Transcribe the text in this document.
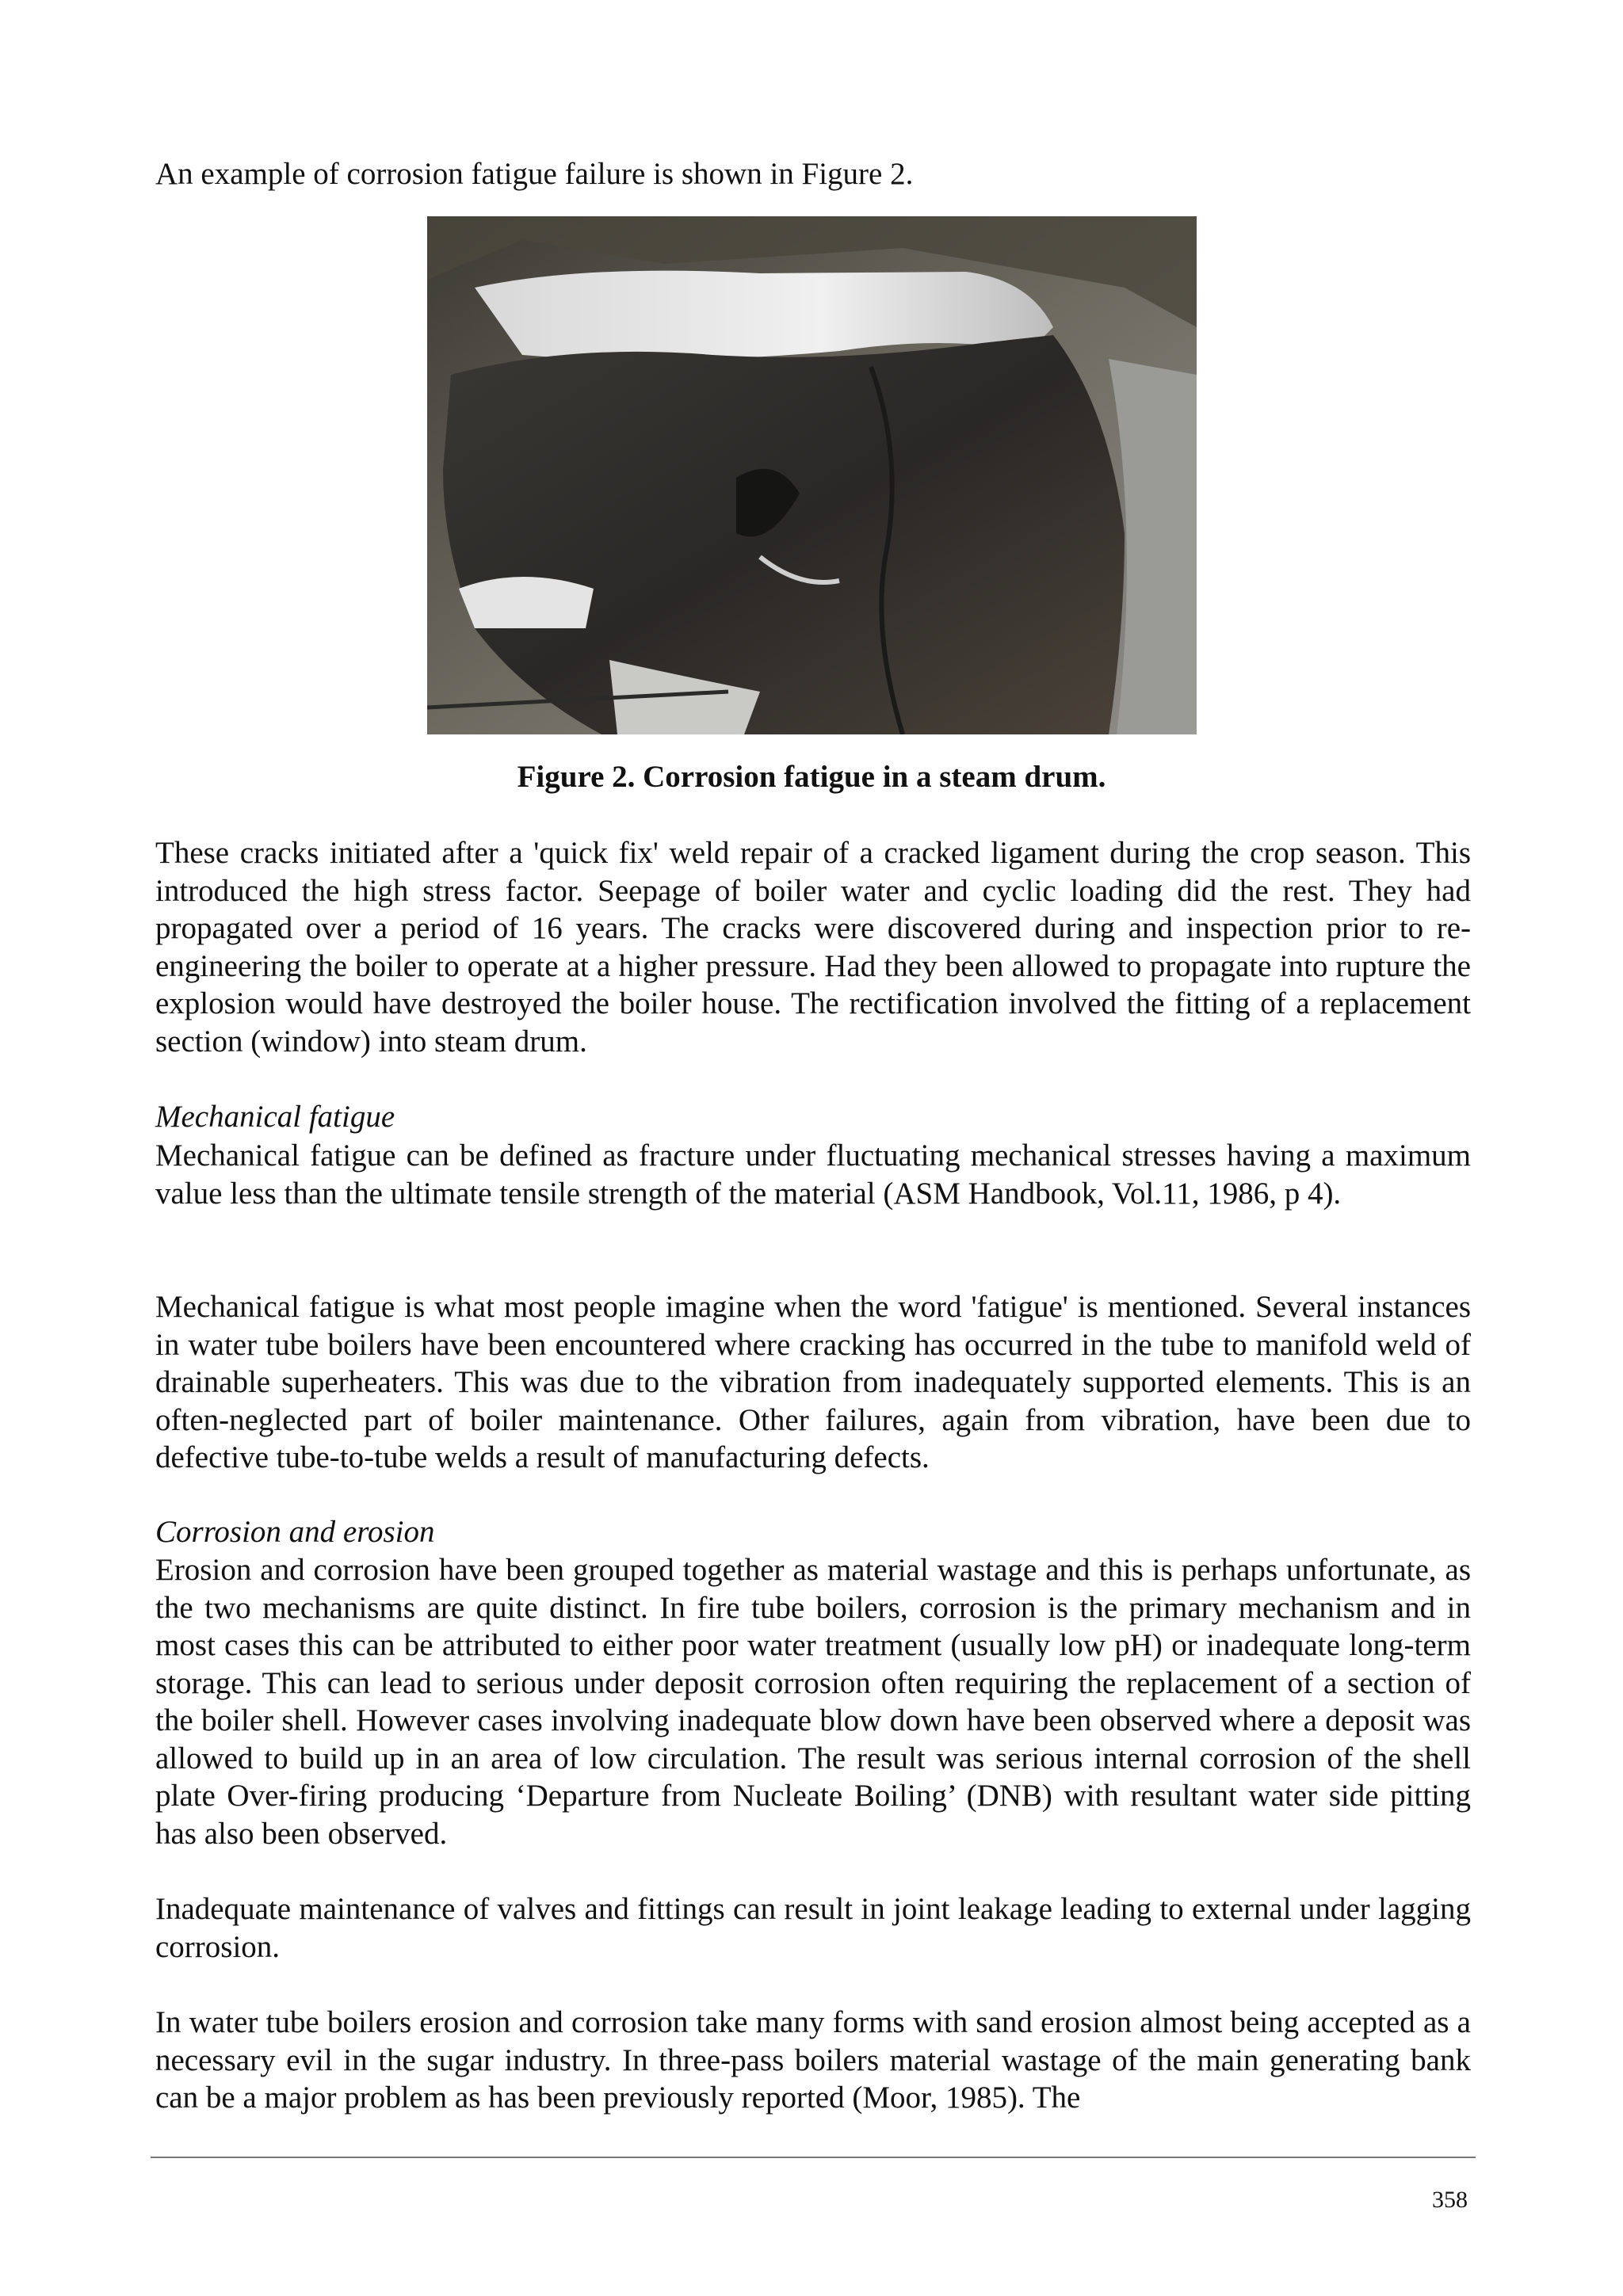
An example of corrosion fatigue failure is shown in Figure 2.

Figure 2. Corrosion fatigue in a steam drum.

These cracks initiated after a 'quick fix' weld repair of a cracked ligament during the crop season. This introduced the high stress factor. Seepage of boiler water and cyclic loading did the rest. They had propagated over a period of 16 years. The cracks were discovered during and inspection prior to re-engineering the boiler to operate at a higher pressure. Had they been allowed to propagate into rupture the explosion would have destroyed the boiler house. The rectification involved the fitting of a replacement section (window) into steam drum.

Mechanical fatigue

Mechanical fatigue can be defined as fracture under fluctuating mechanical stresses having a maximum value less than the ultimate tensile strength of the material (ASM Handbook, Vol.11, 1986, p 4).

Mechanical fatigue is what most people imagine when the word 'fatigue' is mentioned. Several instances in water tube boilers have been encountered where cracking has occurred in the tube to manifold weld of drainable superheaters. This was due to the vibration from inadequately supported elements. This is an often-neglected part of boiler maintenance. Other failures, again from vibration, have been due to defective tube-to-tube welds a result of manufacturing defects.

Corrosion and erosion

Erosion and corrosion have been grouped together as material wastage and this is perhaps unfortunate, as the two mechanisms are quite distinct. In fire tube boilers, corrosion is the primary mechanism and in most cases this can be attributed to either poor water treatment (usually low pH) or inadequate long-term storage. This can lead to serious under deposit corrosion often requiring the replacement of a section of the boiler shell. However cases involving inadequate blow down have been observed where a deposit was allowed to build up in an area of low circulation. The result was serious internal corrosion of the shell plate Over-firing producing ‘Departure from Nucleate Boiling’ (DNB) with resultant water side pitting has also been observed.

Inadequate maintenance of valves and fittings can result in joint leakage leading to external under lagging corrosion.

In water tube boilers erosion and corrosion take many forms with sand erosion almost being accepted as a necessary evil in the sugar industry. In three-pass boilers material wastage of the main generating bank can be a major problem as has been previously reported (Moor, 1985). The

358
